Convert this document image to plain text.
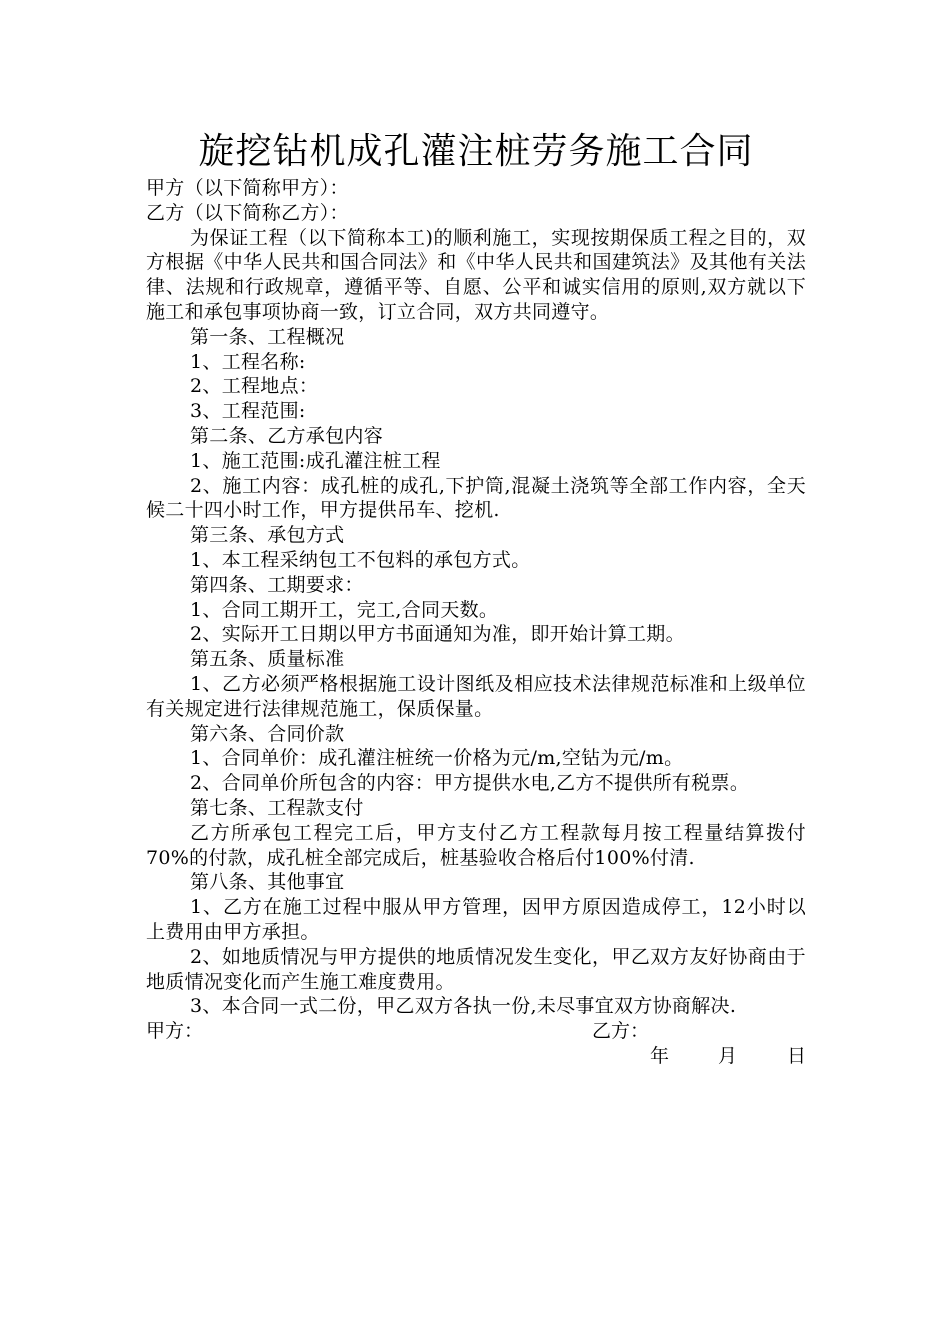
旋挖钻机成孔灌注桩劳务施工合同

甲方（以下简称甲方）：

乙方（以下简称乙方）：

为保证工程（以下简称本工)的顺利施工，实现按期保质工程之目的，双方根据《中华人民共和国合同法》和《中华人民共和国建筑法》及其他有关法律、法规和行政规章，遵循平等、自愿、公平和诚实信用的原则,双方就以下施工和承包事项协商一致，订立合同，双方共同遵守。

第一条、工程概况

1、工程名称:

2、工程地点：

3、工程范围:

第二条、乙方承包内容

1、施工范围:成孔灌注桩工程

2、施工内容：成孔桩的成孔,下护筒,混凝土浇筑等全部工作内容，全天候二十四小时工作，甲方提供吊车、挖机.

第三条、承包方式

1、本工程采纳包工不包料的承包方式。

第四条、工期要求：

1、合同工期开工，完工,合同天数。

2、实际开工日期以甲方书面通知为准，即开始计算工期。

第五条、质量标准

1、乙方必须严格根据施工设计图纸及相应技术法律规范标准和上级单位有关规定进行法律规范施工，保质保量。

第六条、合同价款

1、合同单价：成孔灌注桩统一价格为元/m,空钻为元/m。

2、合同单价所包含的内容：甲方提供水电,乙方不提供所有税票。

第七条、工程款支付

乙方所承包工程完工后，甲方支付乙方工程款每月按工程量结算拨付70%的付款，成孔桩全部完成后，桩基验收合格后付100%付清.

第八条、其他事宜

1、乙方在施工过程中服从甲方管理，因甲方原因造成停工，12小时以上费用由甲方承担。

2、如地质情况与甲方提供的地质情况发生变化，甲乙双方友好协商由于地质情况变化而产生施工难度费用。

3、本合同一式二份，甲乙双方各执一份,未尽事宜双方协商解决.

甲方：	乙方：
年	月	日
